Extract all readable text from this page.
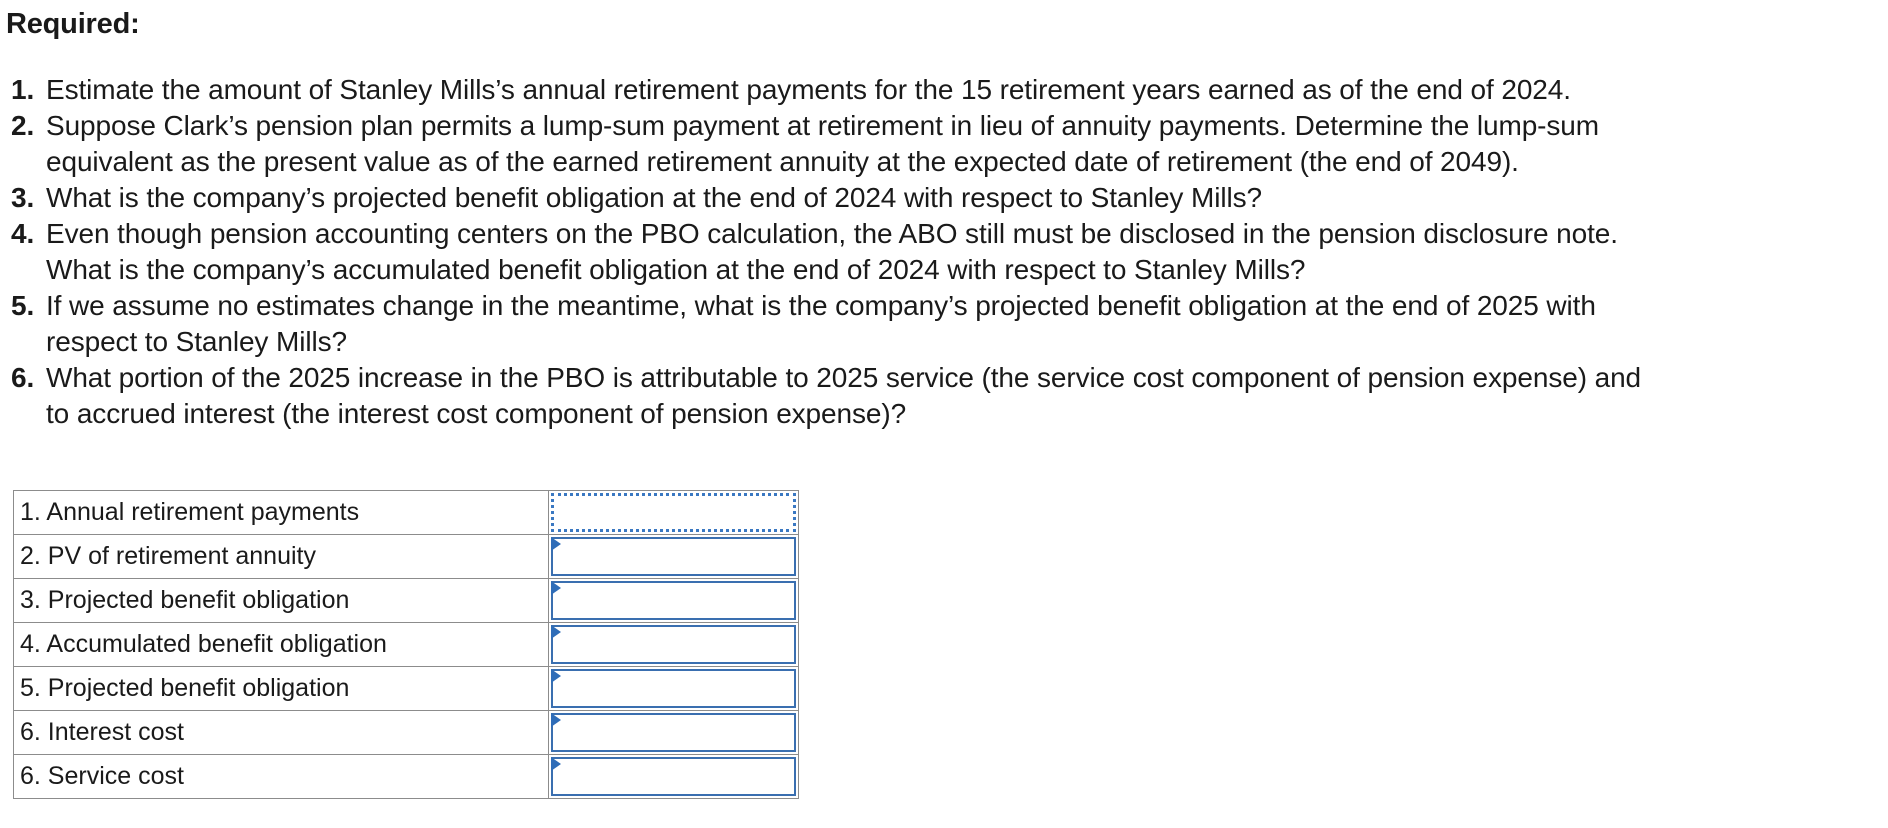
Required:
1. Estimate the amount of Stanley Mills’s annual retirement payments for the 15 retirement years earned as of the end of 2024.
2. Suppose Clark’s pension plan permits a lump-sum payment at retirement in lieu of annuity payments. Determine the lump-sum
equivalent as the present value as of the earned retirement annuity at the expected date of retirement (the end of 2049).
3. What is the company’s projected benefit obligation at the end of 2024 with respect to Stanley Mills?
4. Even though pension accounting centers on the PBO calculation, the ABO still must be disclosed in the pension disclosure note.
What is the company’s accumulated benefit obligation at the end of 2024 with respect to Stanley Mills?
5. If we assume no estimates change in the meantime, what is the company’s projected benefit obligation at the end of 2025 with
respect to Stanley Mills?
6. What portion of the 2025 increase in the PBO is attributable to 2025 service (the service cost component of pension expense) and
to accrued interest (the interest cost component of pension expense)?
1. Annual retirement payments	

2. PV of retirement annuity	

3. Projected benefit obligation	

4. Accumulated benefit obligation	

5. Projected benefit obligation	

6. Interest cost	

6. Service cost	
